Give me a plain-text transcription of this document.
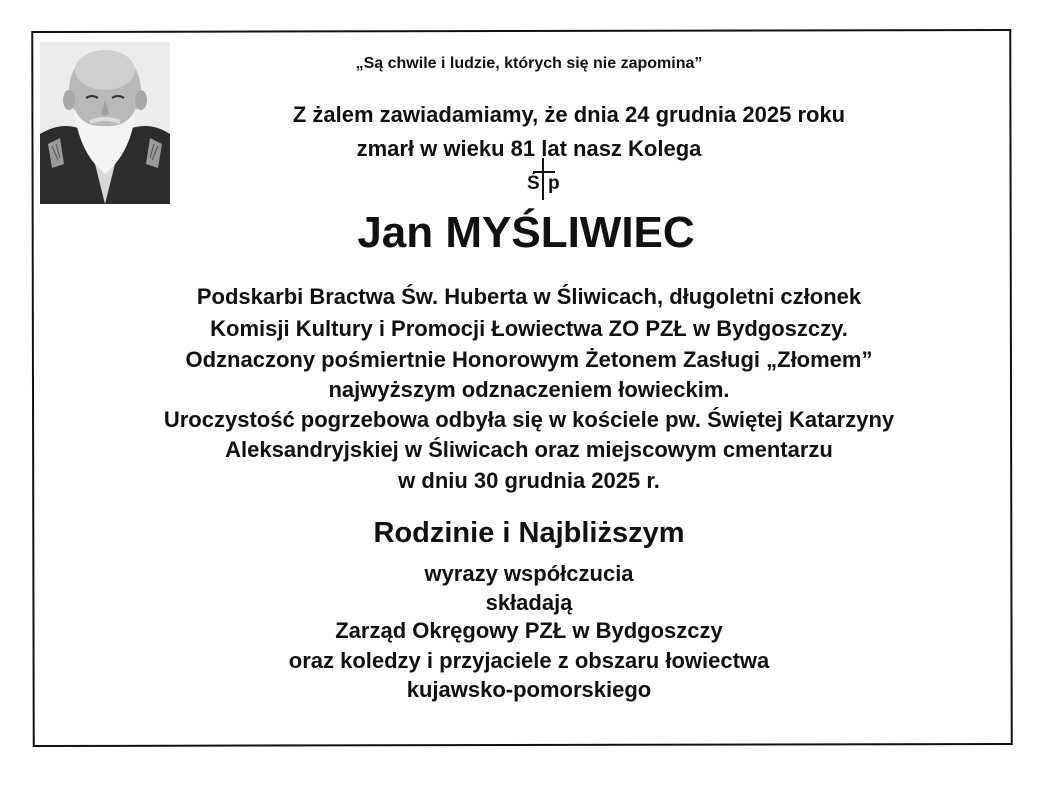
„Są chwile i ludzie, których się nie zapomina”
Z żalem zawiadamiamy, że dnia 24 grudnia 2025 roku
zmarł w wieku 81 lat nasz Kolega
Ś p
Jan MYŚLIWIEC
Podskarbi Bractwa Św. Huberta w Śliwicach, długoletni członek
Komisji Kultury i Promocji Łowiectwa ZO PZŁ w Bydgoszczy.
Odznaczony pośmiertnie Honorowym Żetonem Zasługi „Złomem”
najwyższym odznaczeniem łowieckim.
Uroczystość pogrzebowa odbyła się w kościele pw. Świętej Katarzyny
Aleksandryjskiej w Śliwicach oraz miejscowym cmentarzu
w dniu 30 grudnia 2025 r.
Rodzinie i Najbliższym
wyrazy współczucia
składają
Zarząd Okręgowy PZŁ w Bydgoszczy
oraz koledzy i przyjaciele z obszaru łowiectwa
kujawsko-pomorskiego
